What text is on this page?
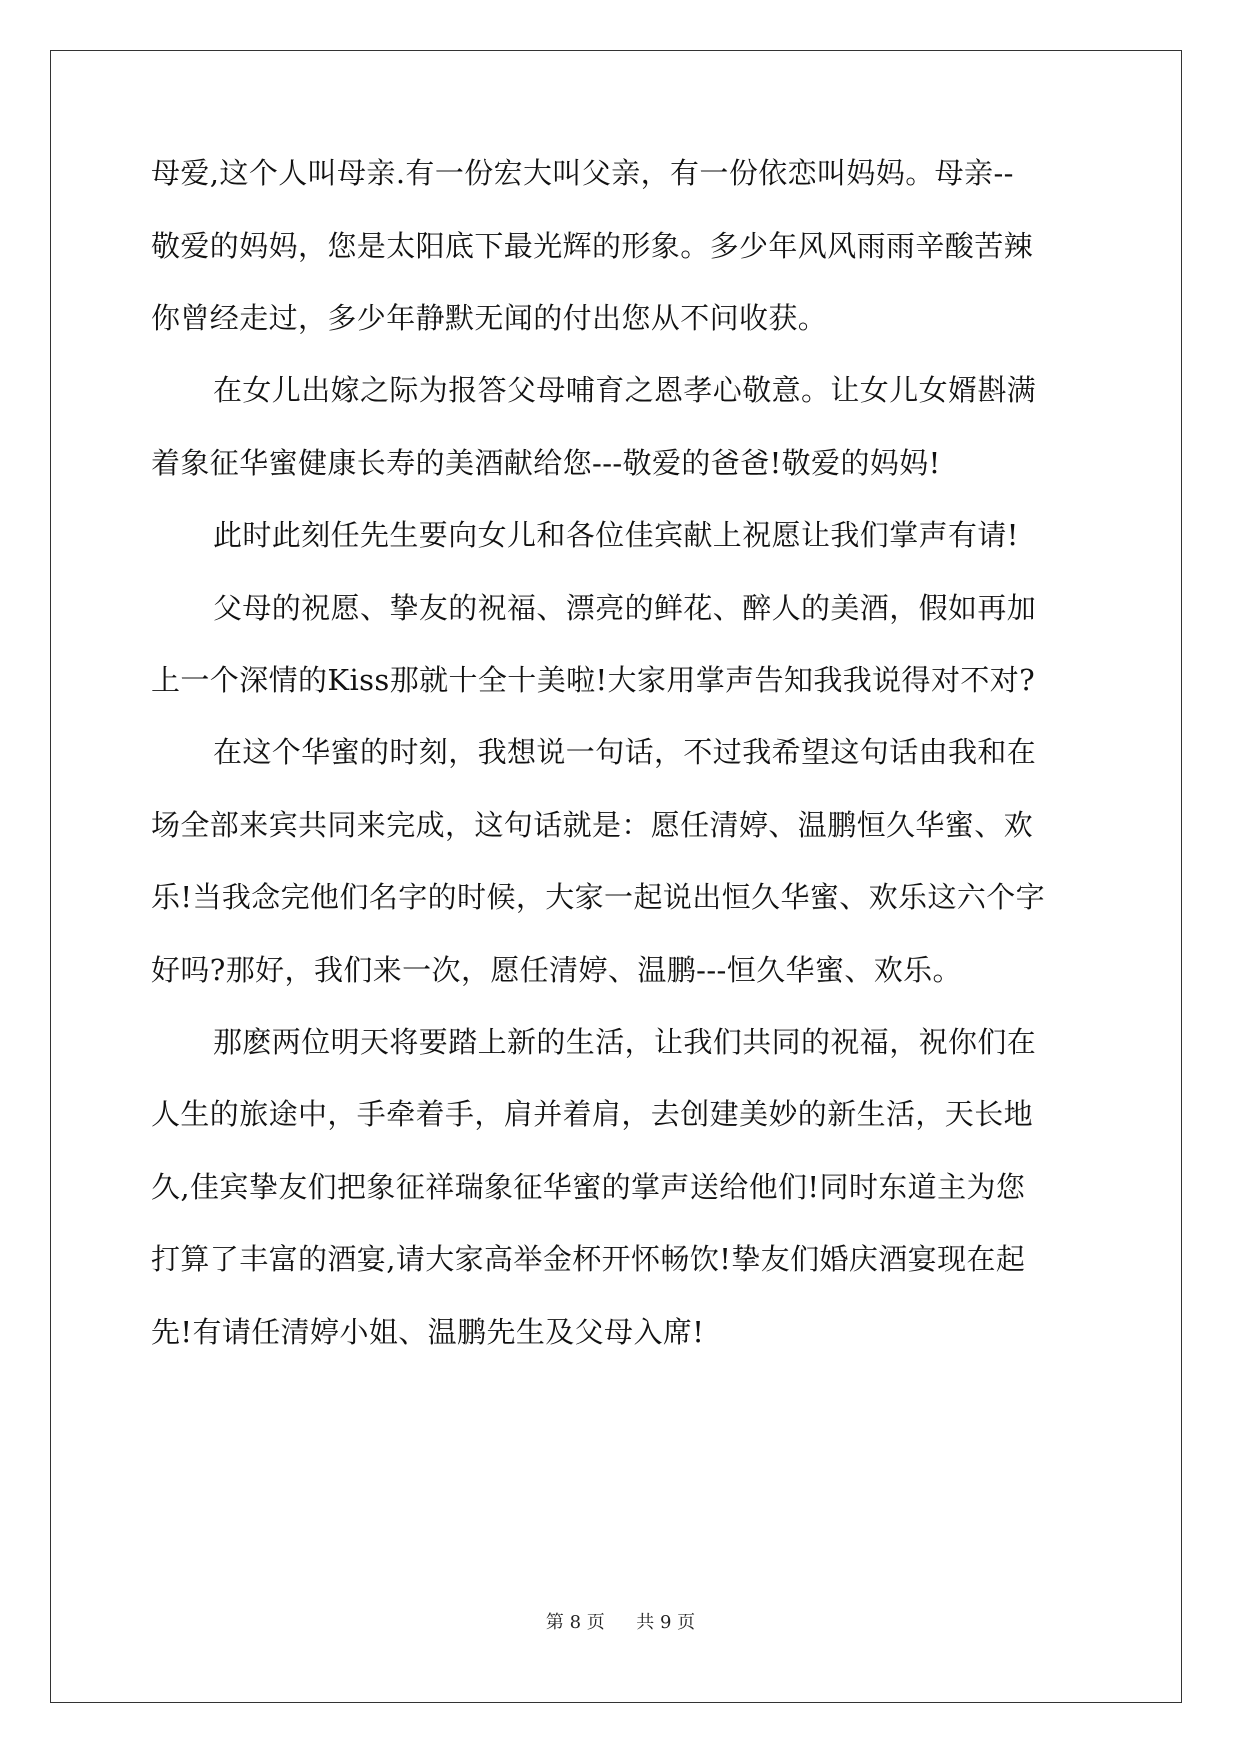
母爱,这个人叫母亲.有一份宏大叫父亲，有一份依恋叫妈妈。母亲--
敬爱的妈妈，您是太阳底下最光辉的形象。多少年风风雨雨辛酸苦辣
你曾经走过，多少年静默无闻的付出您从不问收获。
在女儿出嫁之际为报答父母哺育之恩孝心敬意。让女儿女婿斟满
着象征华蜜健康长寿的美酒献给您---敬爱的爸爸!敬爱的妈妈!
此时此刻任先生要向女儿和各位佳宾献上祝愿让我们掌声有请!
父母的祝愿、挚友的祝福、漂亮的鲜花、醉人的美酒，假如再加
上一个深情的Kiss那就十全十美啦!大家用掌声告知我我说得对不对?
在这个华蜜的时刻，我想说一句话，不过我希望这句话由我和在
场全部来宾共同来完成，这句话就是：愿任清婷、温鹏恒久华蜜、欢
乐!当我念完他们名字的时候，大家一起说出恒久华蜜、欢乐这六个字
好吗?那好，我们来一次，愿任清婷、温鹏---恒久华蜜、欢乐。
那麽两位明天将要踏上新的生活，让我们共同的祝福，祝你们在
人生的旅途中，手牵着手，肩并着肩，去创建美妙的新生活，天长地
久,佳宾挚友们把象征祥瑞象征华蜜的掌声送给他们!同时东道主为您
打算了丰富的酒宴,请大家高举金杯开怀畅饮!挚友们婚庆酒宴现在起
先!有请任清婷小姐、温鹏先生及父母入席!
第 8 页 共 9 页
